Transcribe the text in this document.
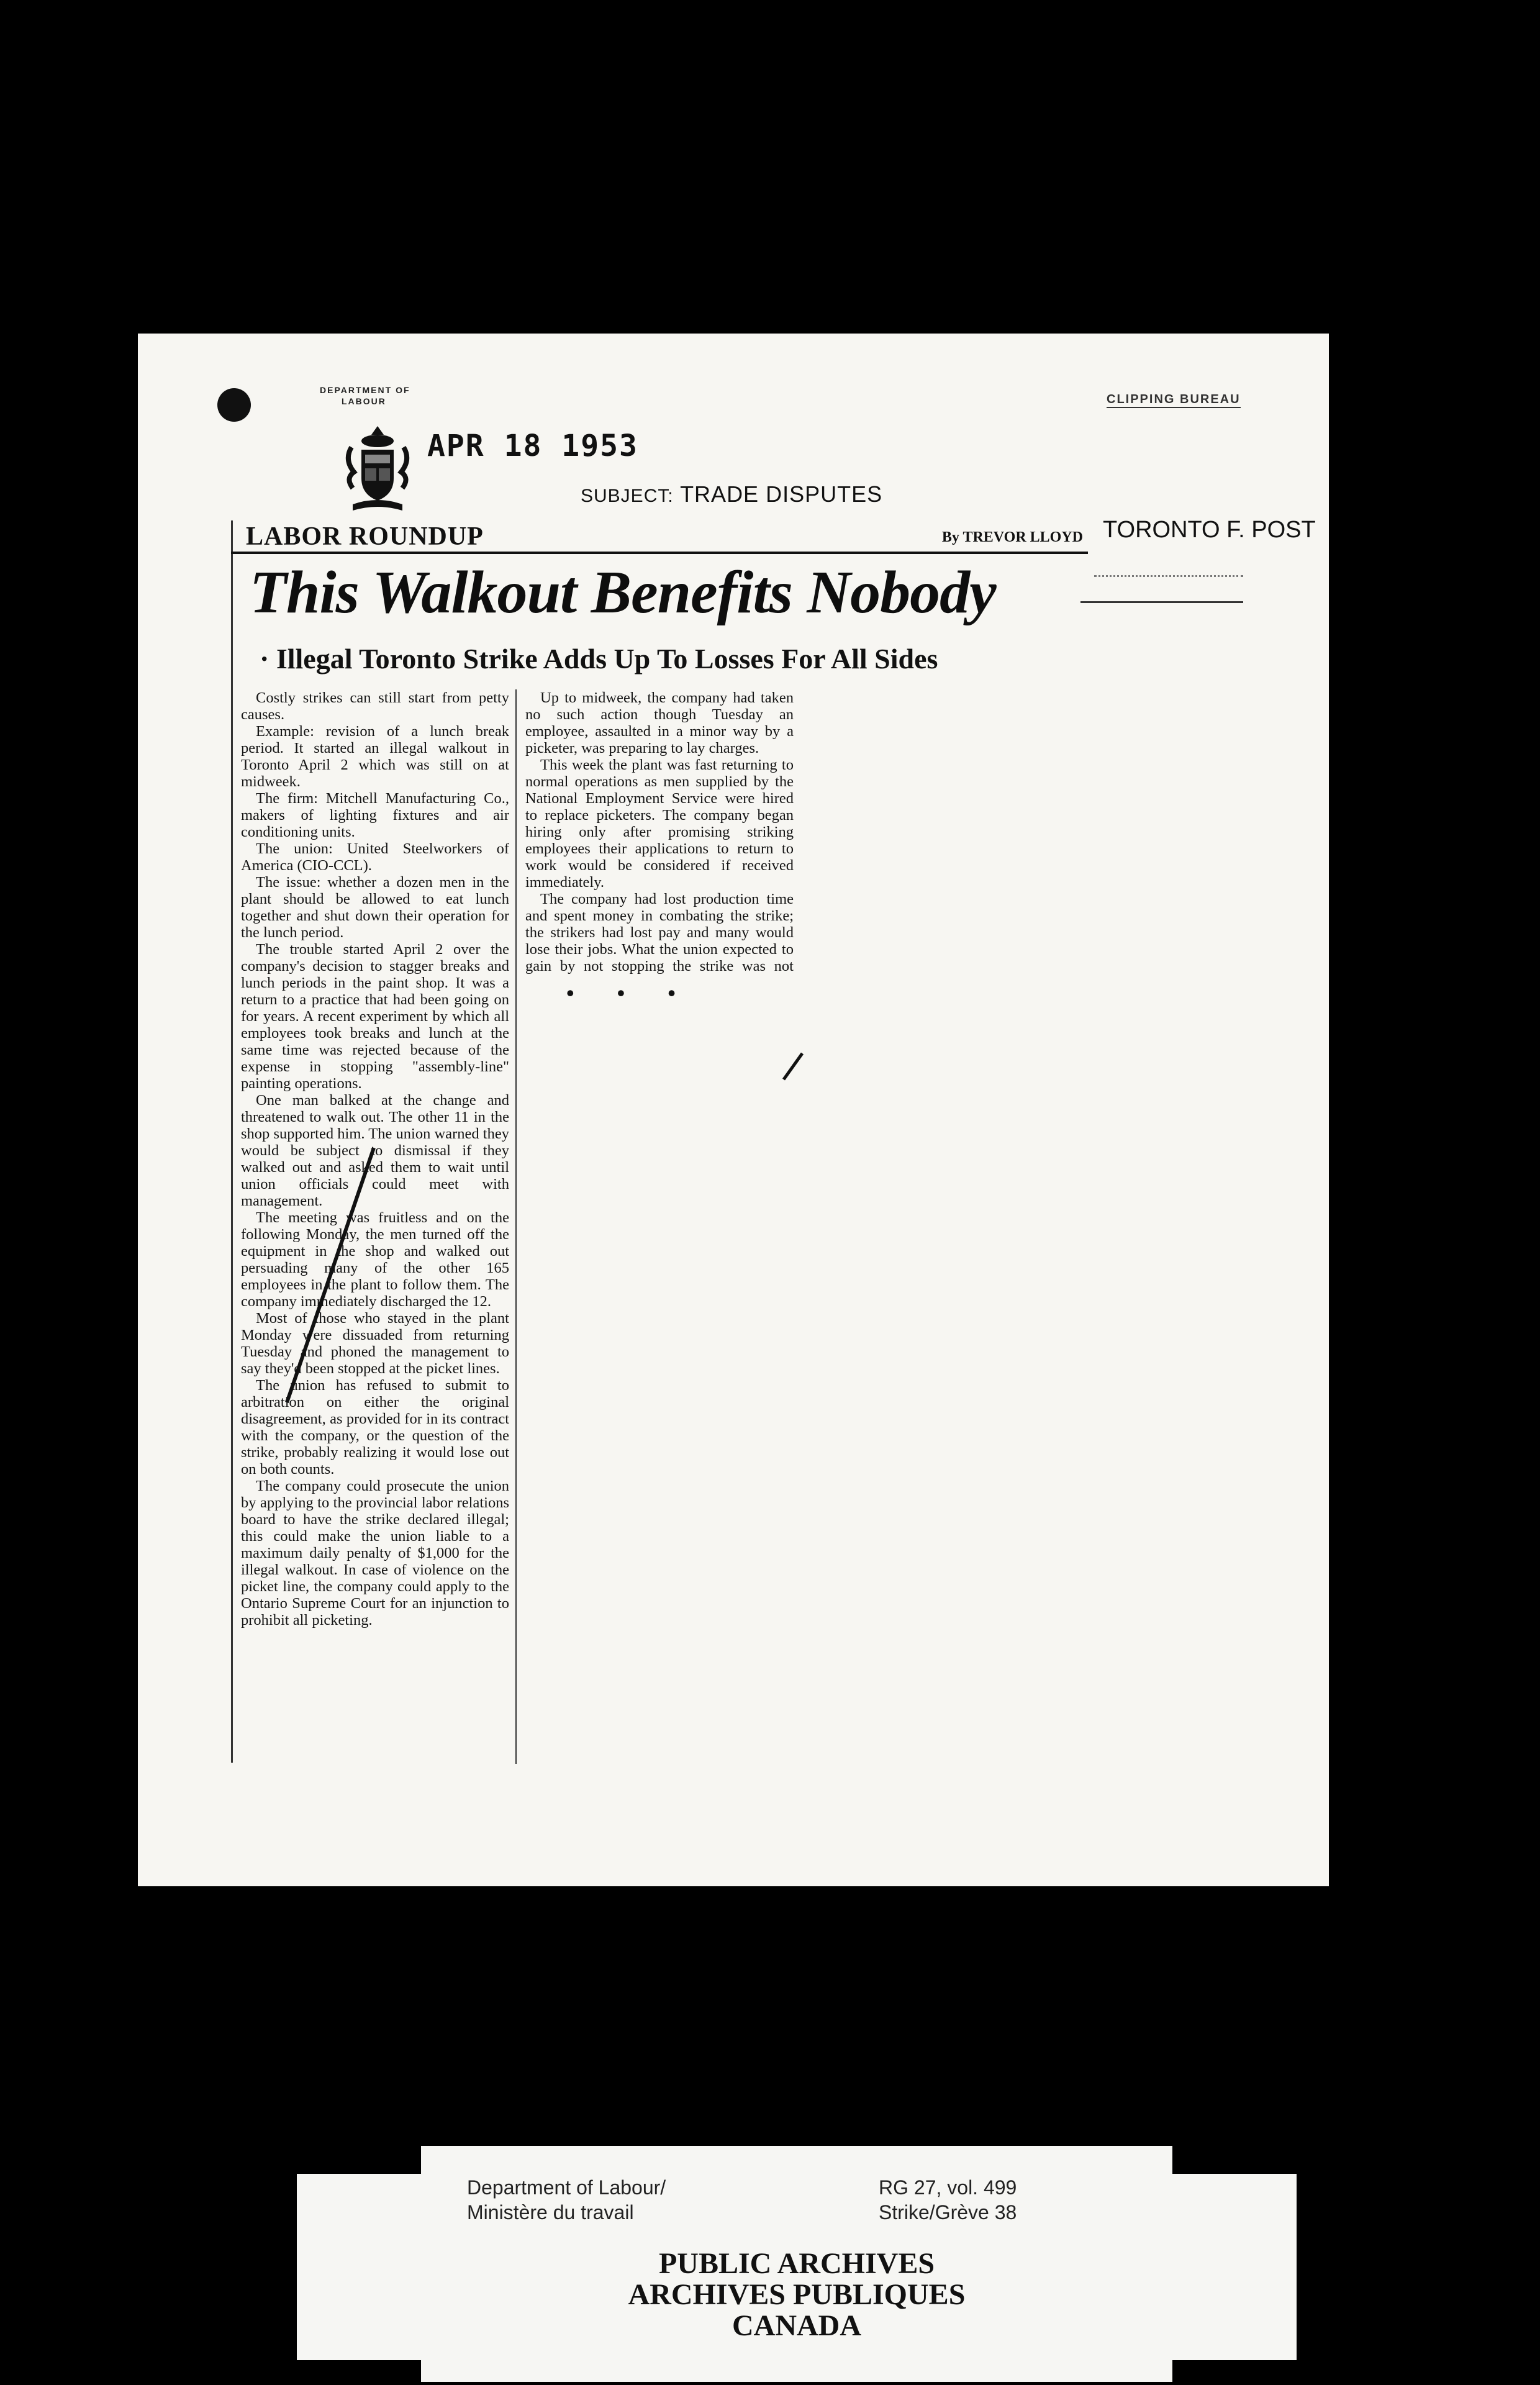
DEPARTMENT OF
LABOUR
APR 18 1953
CLIPPING BUREAU
SUBJECT: TRADE DISPUTES
TORONTO F. POST
LABOR ROUNDUP	By TREVOR LLOYD
This Walkout Benefits Nobody
· Illegal Toronto Strike Adds Up To Losses For All Sides

Costly strikes can still start from petty causes.

Example: revision of a lunch break period. It started an illegal walkout in Toronto April 2 which was still on at midweek.

The firm: Mitchell Manufacturing Co., makers of lighting fixtures and air conditioning units.

The union: United Steelworkers of America (CIO-CCL).

The issue: whether a dozen men in the plant should be allowed to eat lunch together and shut down their operation for the lunch period.

The trouble started April 2 over the company's decision to stagger breaks and lunch periods in the paint shop. It was a return to a practice that had been going on for years. A recent experiment by which all employees took breaks and lunch at the same time was rejected because of the expense in stopping "assembly-line" painting operations.

One man balked at the change and threatened to walk out. The other 11 in the shop supported him. The union warned they would be subject to dismissal if they walked out and asked them to wait until union officials could meet with management.

The meeting was fruitless and on the following Monday, the men turned off the equipment in the shop and walked out persuading many of the other 165 employees in the plant to follow them. The company immediately discharged the 12.

Most of those who stayed in the plant Monday were dissuaded from returning Tuesday and phoned the management to say they'd been stopped at the picket lines.

The union has refused to submit to arbitration on either the original disagreement, as provided for in its contract with the company, or the question of the strike, probably realizing it would lose out on both counts.

The company could prosecute the union by applying to the provincial labor relations board to have the strike declared illegal; this could make the union liable to a maximum daily penalty of $1,000 for the illegal walkout. In case of violence on the picket line, the company could apply to the Ontario Supreme Court for an injunction to prohibit all picketing.

Up to midweek, the company had taken no such action though Tuesday an employee, assaulted in a minor way by a picketer, was preparing to lay charges.

This week the plant was fast returning to normal operations as men supplied by the National Employment Service were hired to replace picketers. The company began hiring only after promising striking employees their applications to return to work would be considered if received immediately.

The company had lost production time and spent money in combating the strike; the strikers had lost pay and many would lose their jobs. What the union expected to gain by not stopping the strike was not

• • •
Department of Labour/
Ministère du travail
RG 27, vol. 499
Strike/Grève 38
PUBLIC ARCHIVES
ARCHIVES PUBLIQUES
CANADA
